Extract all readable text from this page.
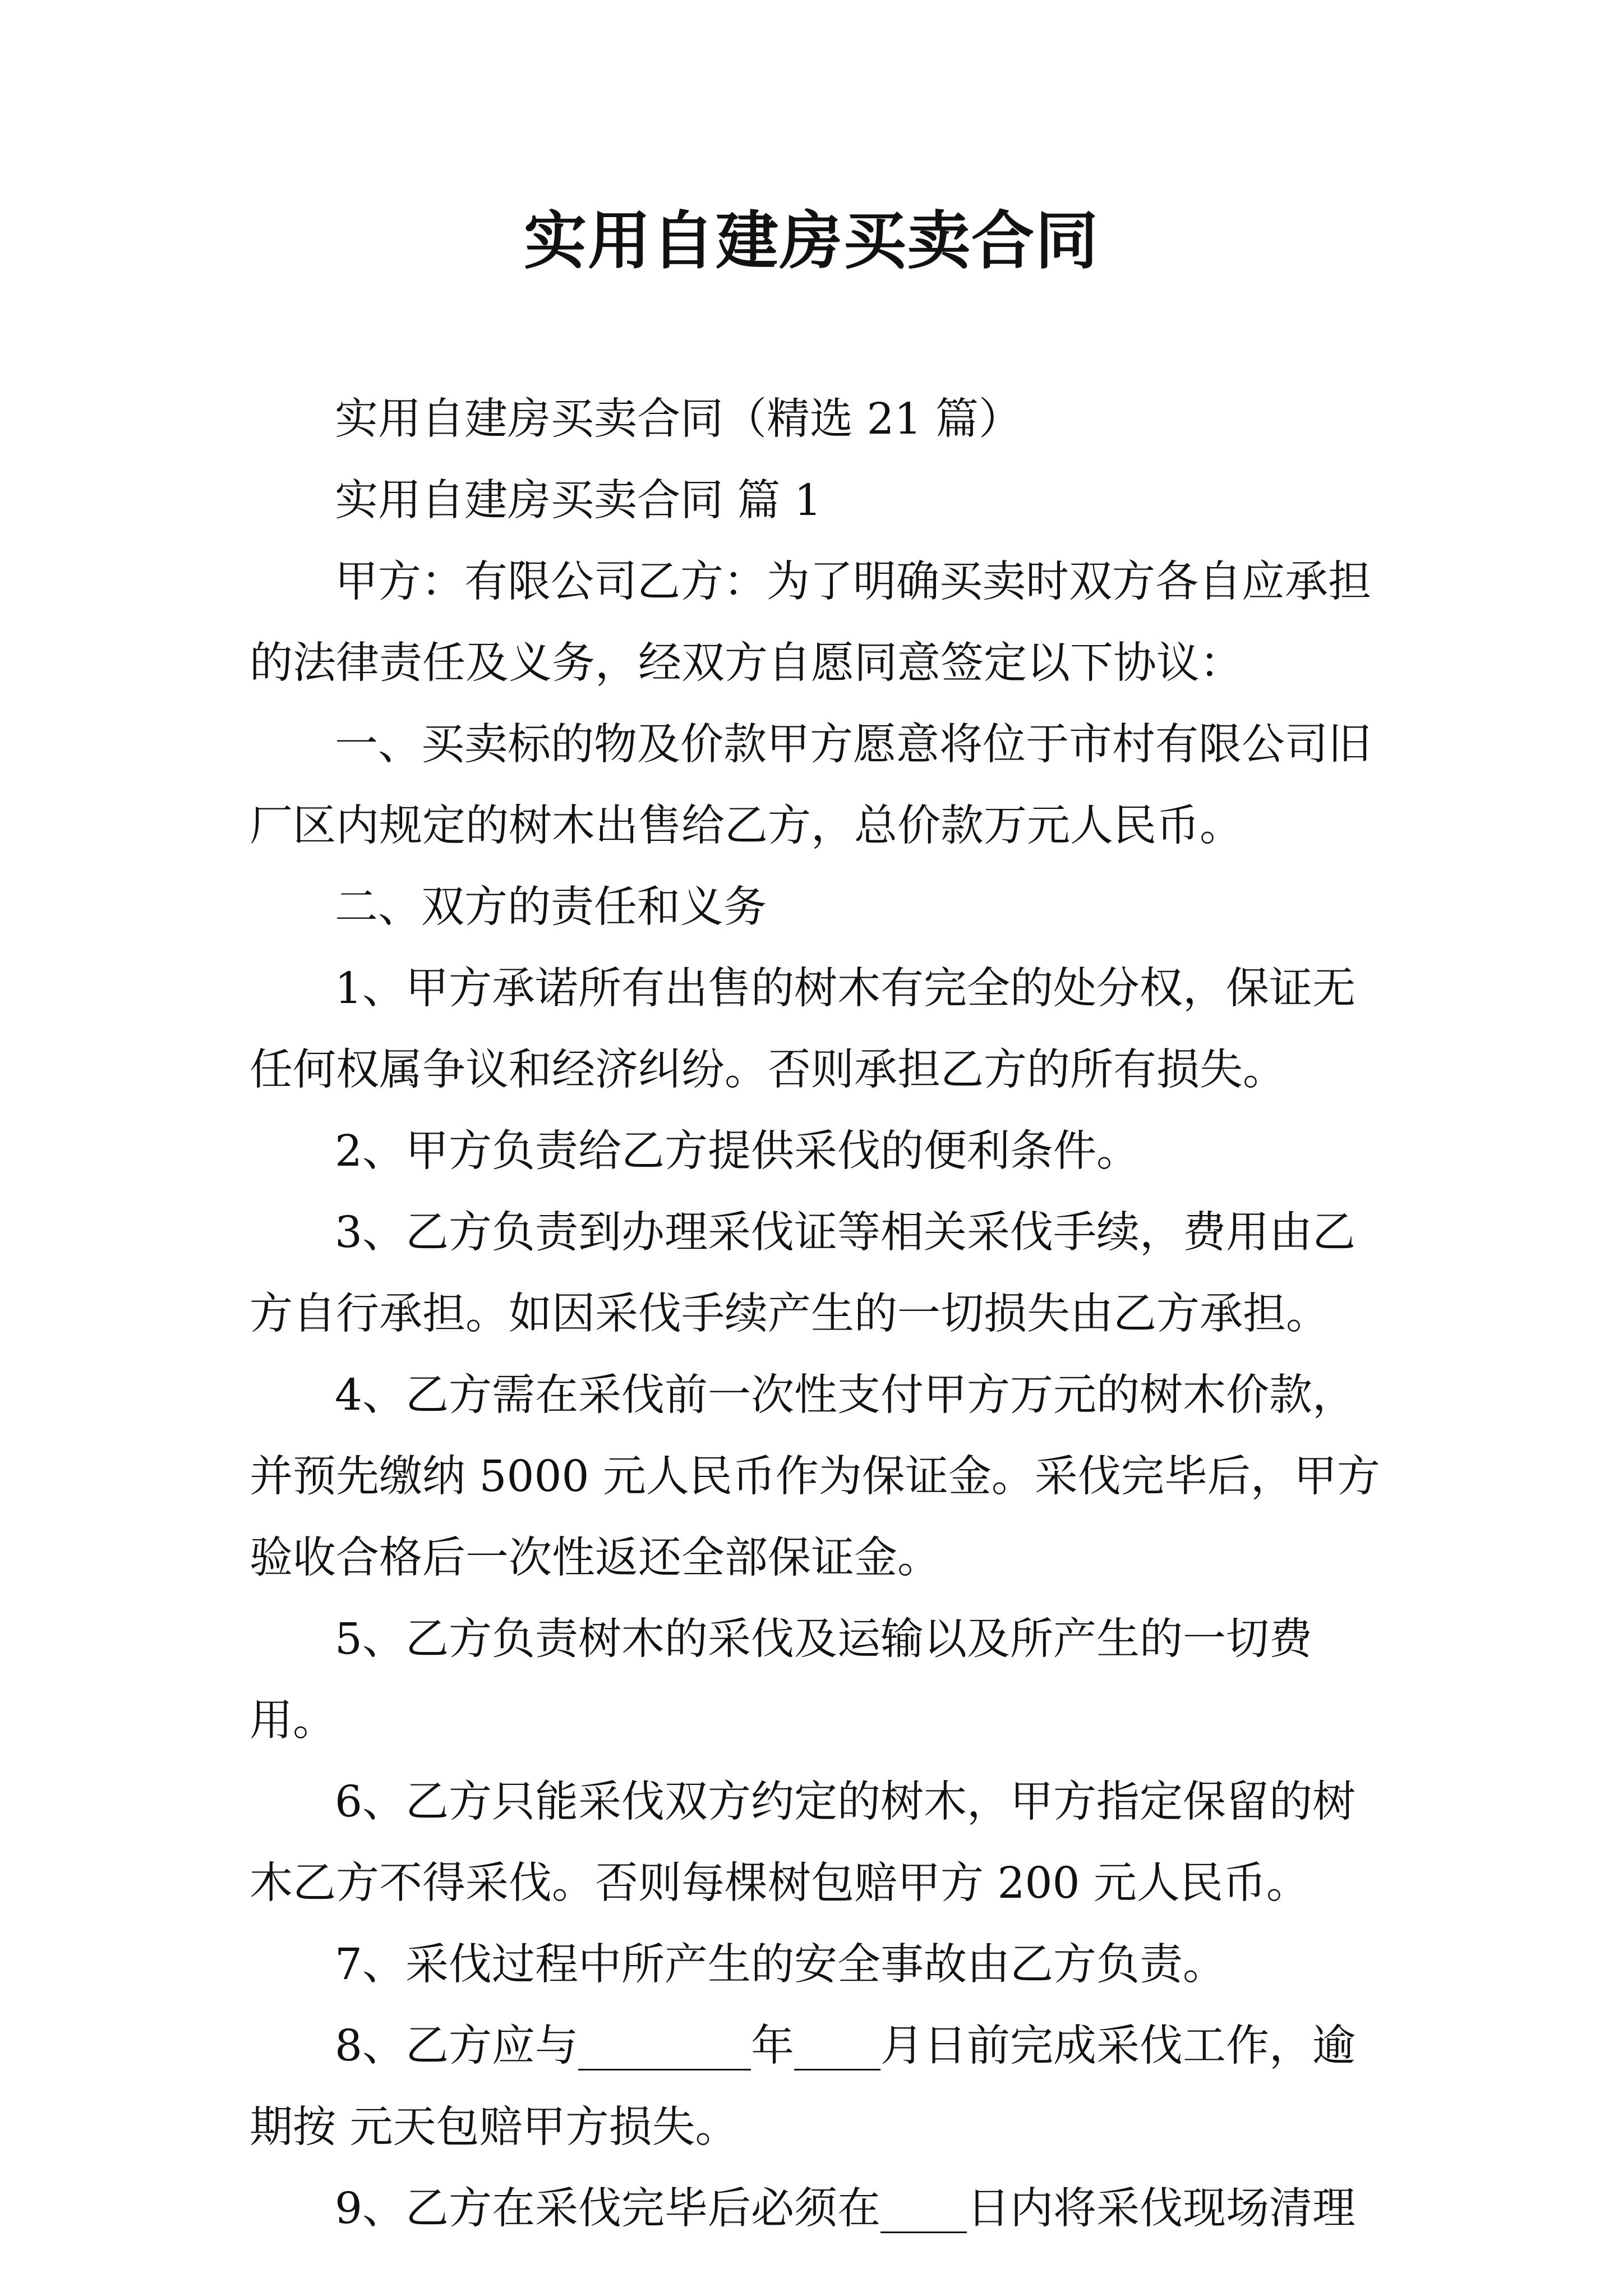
实用自建房买卖合同

实用自建房买卖合同（精选 21 篇）

实用自建房买卖合同 篇 1

甲方：有限公司乙方：为了明确买卖时双方各自应承担
的法律责任及义务，经双方自愿同意签定以下协议：

一、买卖标的物及价款甲方愿意将位于市村有限公司旧
厂区内规定的树木出售给乙方，总价款万元人民币。

二、双方的责任和义务

1、甲方承诺所有出售的树木有完全的处分权，保证无
任何权属争议和经济纠纷。否则承担乙方的所有损失。

2、甲方负责给乙方提供采伐的便利条件。

3、乙方负责到办理采伐证等相关采伐手续，费用由乙
方自行承担。如因采伐手续产生的一切损失由乙方承担。

4、乙方需在采伐前一次性支付甲方万元的树木价款，
并预先缴纳 5000 元人民币作为保证金。采伐完毕后，甲方
验收合格后一次性返还全部保证金。

5、乙方负责树木的采伐及运输以及所产生的一切费用。

6、乙方只能采伐双方约定的树木，甲方指定保留的树
木乙方不得采伐。否则每棵树包赔甲方 200 元人民币。

7、采伐过程中所产生的安全事故由乙方负责。

8、乙方应与________年____月日前完成采伐工作，逾
期按 元天包赔甲方损失。

9、乙方在采伐完毕后必须在____日内将采伐现场清理
